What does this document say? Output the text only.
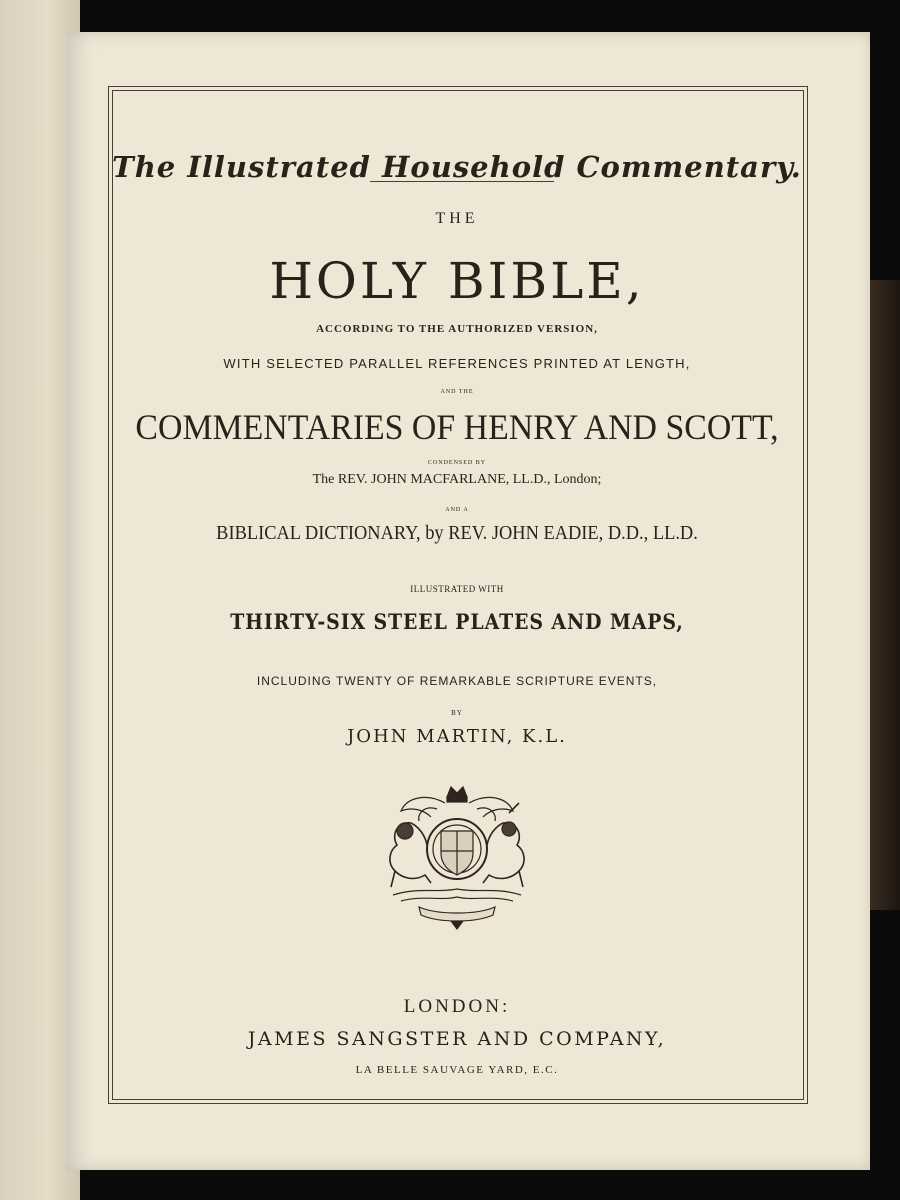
The Illustrated Household Commentary.
THE
HOLY BIBLE,
ACCORDING TO THE AUTHORIZED VERSION,
WITH SELECTED PARALLEL REFERENCES PRINTED AT LENGTH,
AND THE
COMMENTARIES OF HENRY AND SCOTT,
CONDENSED BY
The REV. JOHN MACFARLANE, LL.D., London;
AND A
BIBLICAL DICTIONARY, by REV. JOHN EADIE, D.D., LL.D.
ILLUSTRATED WITH
THIRTY-SIX STEEL PLATES AND MAPS,
INCLUDING TWENTY OF REMARKABLE SCRIPTURE EVENTS,
BY
JOHN MARTIN, K.L.
LONDON:
JAMES SANGSTER AND COMPANY,
LA BELLE SAUVAGE YARD, E.C.
